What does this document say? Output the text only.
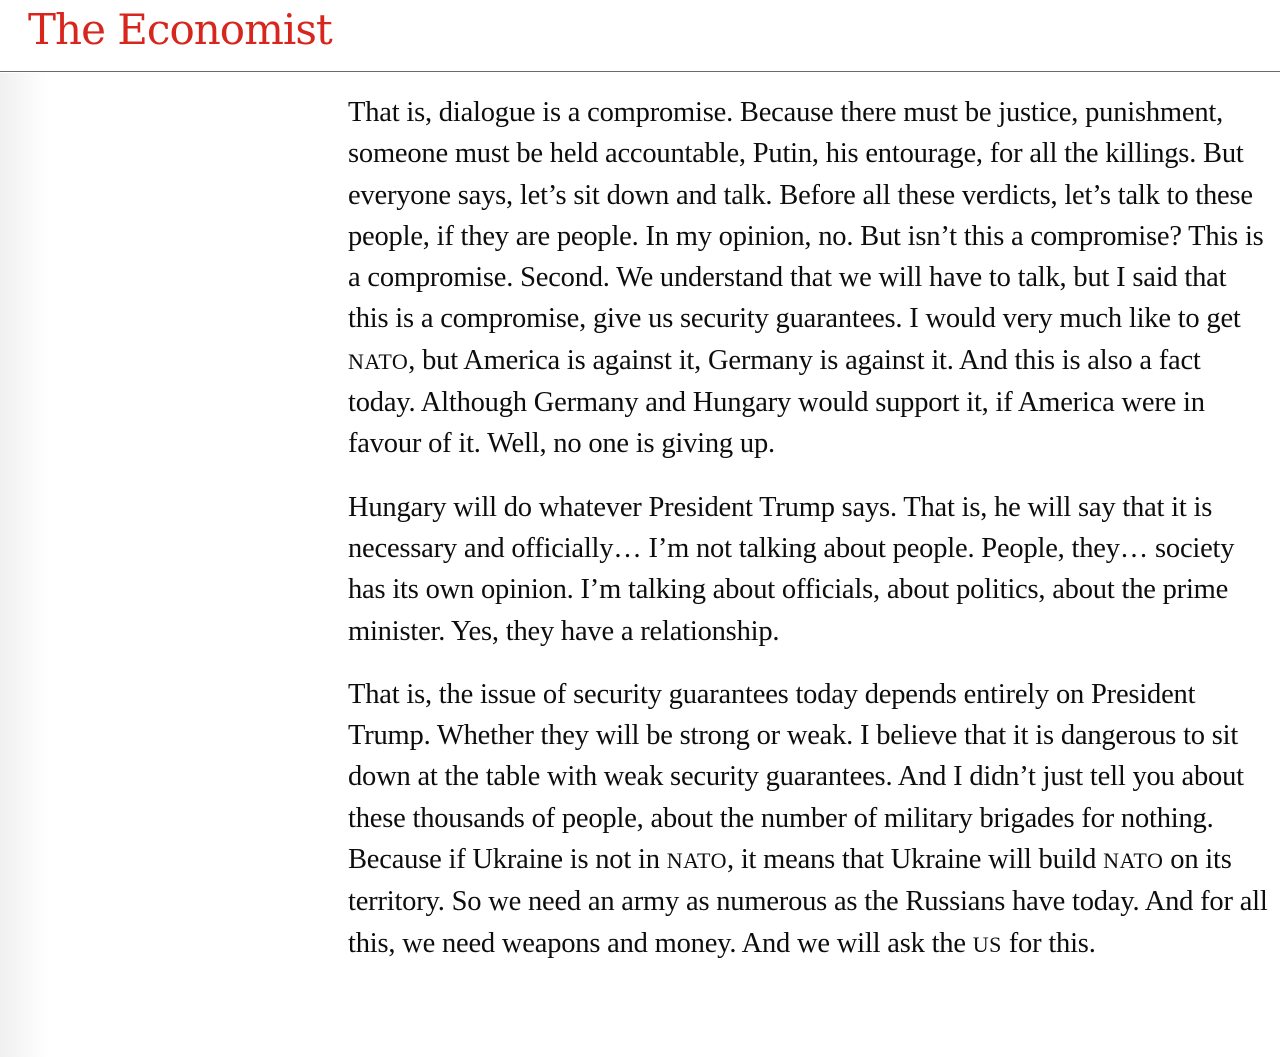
The Economist

That is, dialogue is a compromise. Because there must be justice, punishment, someone must be held accountable, Putin, his entourage, for all the killings. But everyone says, let’s sit down and talk. Before all these verdicts, let’s talk to these people, if they are people. In my opinion, no. But isn’t this a compromise? This is a compromise. Second. We understand that we will have to talk, but I said that this is a compromise, give us security guarantees. I would very much like to get NATO, but America is against it, Germany is against it. And this is also a fact today. Although Germany and Hungary would support it, if America were in favour of it. Well, no one is giving up.

Hungary will do whatever President Trump says. That is, he will say that it is necessary and officially… I’m not talking about people. People, they… society has its own opinion. I’m talking about officials, about politics, about the prime minister. Yes, they have a relationship.

That is, the issue of security guarantees today depends entirely on President Trump. Whether they will be strong or weak. I believe that it is dangerous to sit down at the table with weak security guarantees. And I didn’t just tell you about these thousands of people, about the number of military brigades for nothing. Because if Ukraine is not in NATO, it means that Ukraine will build NATO on its territory. So we need an army as numerous as the Russians have today. And for all this, we need weapons and money. And we will ask the US for this.
